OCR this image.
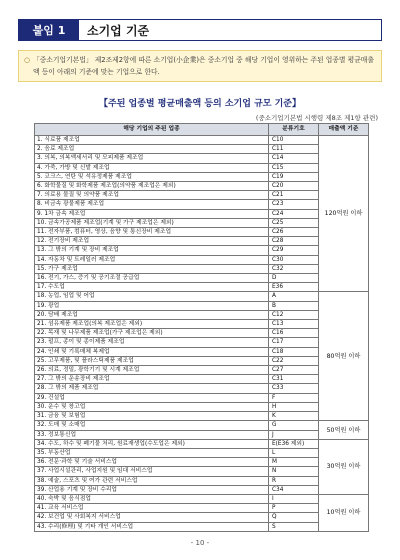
붙임 1	소기업 기준
○ 「중소기업기본법」 제2조제2항에 따른 소기업(小企業)은 중소기업 중 해당 기업이 영위하는 주된 업종별 평균매출액 등이 아래의 기준에 맞는 기업으로 한다.
【주된 업종별 평균매출액 등의 소기업 규모 기준】
(중소기업기본법 시행령 제8조 제1항 관련)
해당 기업의 주된 업종	분류기호	매출액 기준
1. 식료품 제조업	C10	120억원 이하
2. 음료 제조업	C11	
3. 의복, 의복액세서리 및 모피제품 제조업	C14	
4. 가죽, 가방 및 신발 제조업	C15	
5. 코크스, 연탄 및 석유정제품 제조업	C19	
6. 화학물질 및 화학제품 제조업(의약품 제조업은 제외)	C20	
7. 의료용 물질 및 의약품 제조업	C21	
8. 비금속 광물제품 제조업	C23	
9. 1차 금속 제조업	C24	
10. 금속가공제품 제조업(기계 및 가구 제조업은 제외)	C25	
11. 전자부품, 컴퓨터, 영상, 음향 및 통신장비 제조업	C26	
12. 전기장비 제조업	C28	
13. 그 밖의 기계 및 장비 제조업	C29	
14. 자동차 및 트레일러 제조업	C30	
15. 가구 제조업	C32	
16. 전기, 가스, 증기 및 공기조절 공급업	D	
17. 수도업	E36	
18. 농업, 임업 및 어업	A	80억원 이하
19. 광업	B	
20. 담배 제조업	C12	
21. 섬유제품 제조업(의복 제조업은 제외)	C13	
22. 목재 및 나무제품 제조업(가구 제조업은 제외)	C16	
23. 펄프, 종이 및 종이제품 제조업	C17	
24. 인쇄 및 기록매체 복제업	C18	
25. 고무제품, 및 플라스틱제품 제조업	C22	
26. 의료, 정밀, 광학기기 및 시계 제조업	C27	
27. 그 밖의 운송장비 제조업	C31	
28. 그 밖의 제품 제조업	C33	
29. 건설업	F	
30. 운수 및 창고업	H	
31. 금융 및 보험업	K	
32. 도매 및 소매업	G	50억원 이하
33. 정보통신업	J	
34. 수도, 하수 및 폐기물 처리, 원료재생업(수도업은 제외)	E(E36 제외)	30억원 이하
35. 부동산업	L	
36. 전문·과학 및 기술 서비스업	M	
37. 사업시설관리, 사업지원 및 임대 서비스업	N	
38. 예술, 스포츠 및 여가 관련 서비스업	R	
39. 산업용 기계 및 장비 수리업	C34	
40. 숙박 및 음식점업	I	10억원 이하
41. 교육 서비스업	P	
42. 보건업 및 사회복지 서비스업	Q	
43. 수리(修理) 및 기타 개인 서비스업	S	
- 10 -
